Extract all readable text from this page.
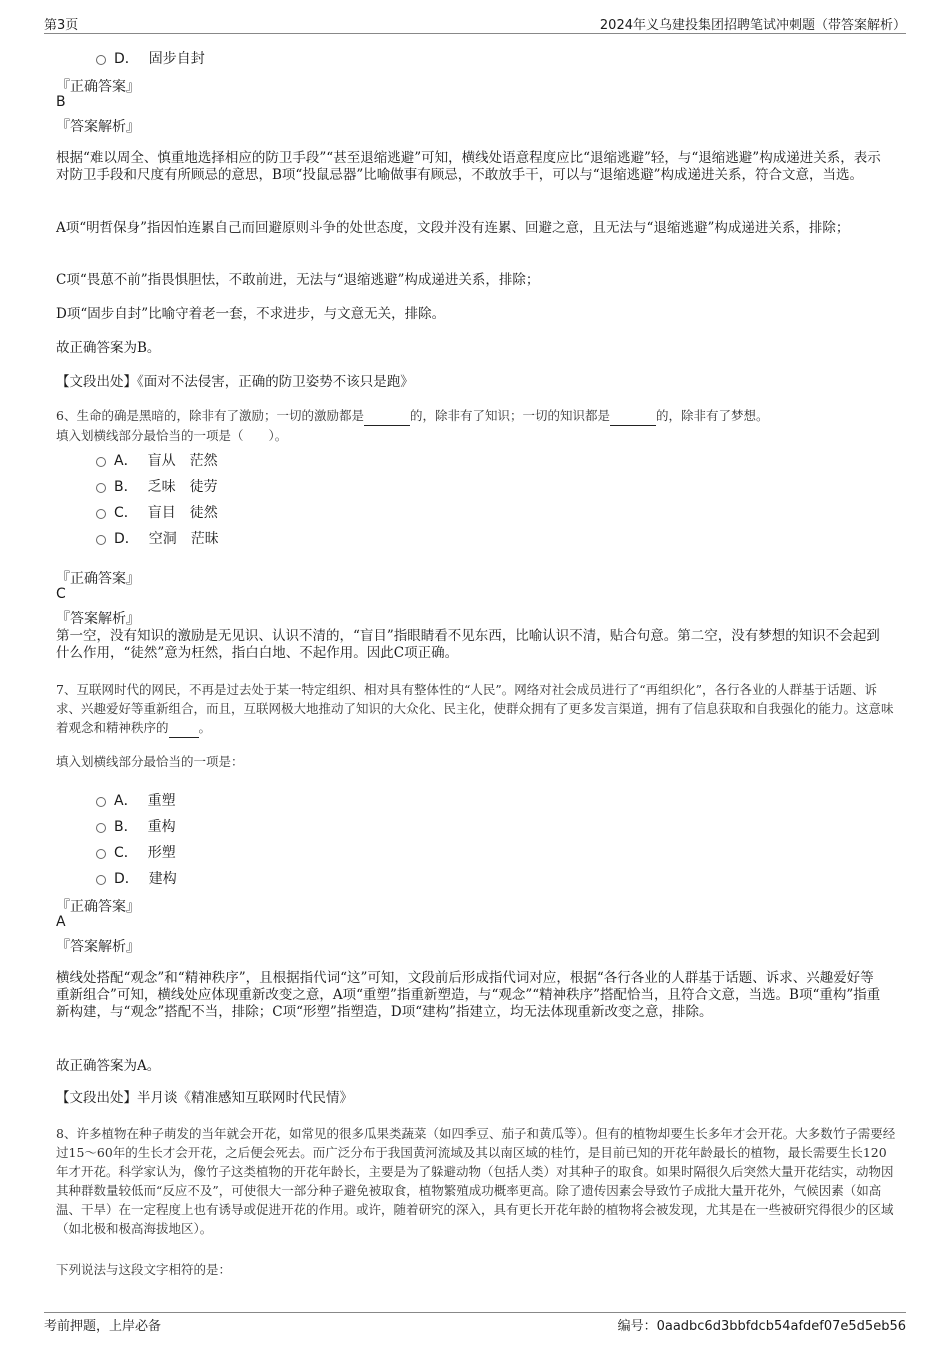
第3页	2024年义乌建投集团招聘笔试冲刺题（带答案解析）
D． 固步自封
『正确答案』
B
『答案解析』
根据“难以周全、慎重地选择相应的防卫手段”“甚至退缩逃避”可知，横线处语意程度应比“退缩逃避”轻，与“退缩逃避”构成递进关系，表示对防卫手段和尺度有所顾忌的意思，B项“投鼠忌器”比喻做事有顾忌，不敢放手干，可以与“退缩逃避”构成递进关系，符合文意，当选。
A项“明哲保身”指因怕连累自己而回避原则斗争的处世态度，文段并没有连累、回避之意，且无法与“退缩逃避”构成递进关系，排除；
C项“畏葸不前”指畏惧胆怯，不敢前进，无法与“退缩逃避”构成递进关系，排除；
D项“固步自封”比喻守着老一套，不求进步，与文意无关，排除。
故正确答案为B。
【文段出处】《面对不法侵害，正确的防卫姿势不该只是跑》
6、生命的确是黑暗的，除非有了激励；一切的激励都是	的，除非有了知识；一切的知识都是	的，除非有了梦想。
填入划横线部分最恰当的一项是（　　）。
A． 盲从　茫然
B． 乏味　徒劳
C． 盲目　徒然
D． 空洞　茫昧
『正确答案』
C
『答案解析』
第一空，没有知识的激励是无见识、认识不清的，“盲目”指眼睛看不见东西，比喻认识不清，贴合句意。第二空，没有梦想的知识不会起到什么作用，“徒然”意为枉然，指白白地、不起作用。因此C项正确。
7、互联网时代的网民，不再是过去处于某一特定组织、相对具有整体性的“人民”。网络对社会成员进行了“再组织化”，各行各业的人群基于话题、诉求、兴趣爱好等重新组合，而且，互联网极大地推动了知识的大众化、民主化，使群众拥有了更多发言渠道，拥有了信息获取和自我强化的能力。这意味着观念和精神秩序的 。
填入划横线部分最恰当的一项是：
A． 重塑
B． 重构
C． 形塑
D． 建构
『正确答案』
A
『答案解析』
横线处搭配“观念”和“精神秩序”，且根据指代词“这”可知，文段前后形成指代词对应，根据“各行各业的人群基于话题、诉求、兴趣爱好等重新组合”可知，横线处应体现重新改变之意，A项“重塑”指重新塑造，与“观念”“精神秩序”搭配恰当，且符合文意，当选。B项“重构”指重新构建，与“观念”搭配不当，排除；C项“形塑”指塑造，D项“建构”指建立，均无法体现重新改变之意，排除。
故正确答案为A。
【文段出处】半月谈《精准感知互联网时代民情》
8、许多植物在种子萌发的当年就会开花，如常见的很多瓜果类蔬菜（如四季豆、茄子和黄瓜等）。但有的植物却要生长多年才会开花。大多数竹子需要经过15～60年的生长才会开花，之后便会死去。而广泛分布于我国黄河流域及其以南区域的桂竹，是目前已知的开花年龄最长的植物，最长需要生长120年才开花。科学家认为，像竹子这类植物的开花年龄长，主要是为了躲避动物（包括人类）对其种子的取食。如果时隔很久后突然大量开花结实，动物因其种群数量较低而“反应不及”，可使很大一部分种子避免被取食，植物繁殖成功概率更高。除了遗传因素会导致竹子成批大量开花外，气候因素（如高温、干旱）在一定程度上也有诱导或促进开花的作用。或许，随着研究的深入，具有更长开花年龄的植物将会被发现，尤其是在一些被研究得很少的区域（如北极和极高海拔地区）。
下列说法与这段文字相符的是：
考前押题，上岸必备	编号：0aadbc6d3bbfdcb54afdef07e5d5eb56
